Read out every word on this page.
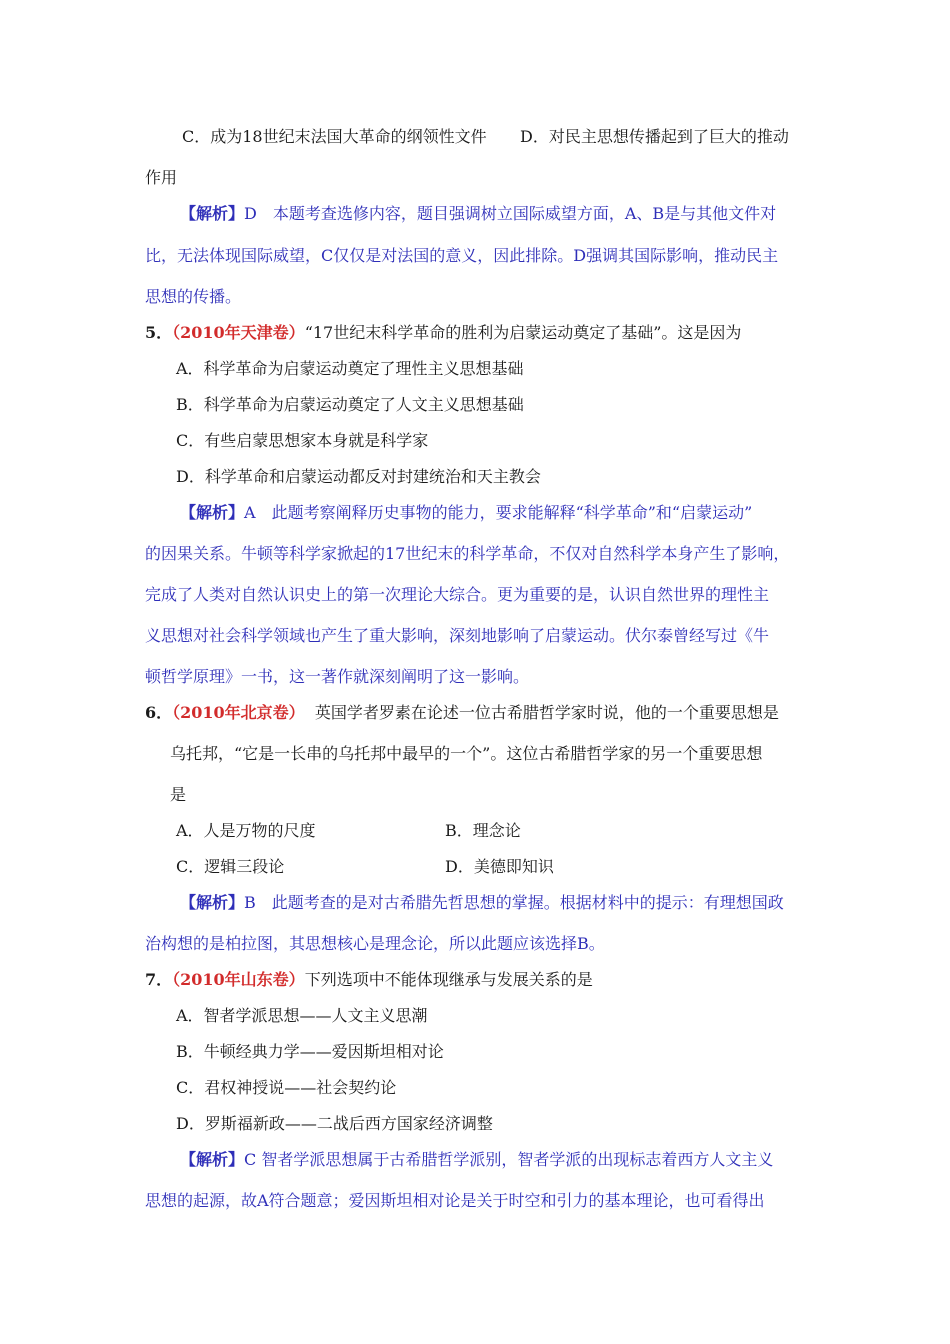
C．成为18世纪末法国大革命的纲领性文件 D．对民主思想传播起到了巨大的推动
作用
【解析】D　本题考查选修内容，题目强调树立国际威望方面，A、B是与其他文件对
比，无法体现国际威望，C仅仅是对法国的意义，因此排除。D强调其国际影响，推动民主
思想的传播。
5．（2010年天津卷）“17世纪末科学革命的胜利为启蒙运动奠定了基础”。这是因为
A．科学革命为启蒙运动奠定了理性主义思想基础
B．科学革命为启蒙运动奠定了人文主义思想基础
C．有些启蒙思想家本身就是科学家
D．科学革命和启蒙运动都反对封建统治和天主教会
【解析】A　此题考察阐释历史事物的能力，要求能解释“科学革命”和“启蒙运动”
的因果关系。牛顿等科学家掀起的17世纪末的科学革命，不仅对自然科学本身产生了影响，
完成了人类对自然认识史上的第一次理论大综合。更为重要的是，认识自然世界的理性主
义思想对社会科学领域也产生了重大影响，深刻地影响了启蒙运动。伏尔泰曾经写过《牛
顿哲学原理》一书，这一著作就深刻阐明了这一影响。
6．（2010年北京卷） 英国学者罗素在论述一位古希腊哲学家时说，他的一个重要思想是
乌托邦，“它是一长串的乌托邦中最早的一个”。这位古希腊哲学家的另一个重要思想
是
A．人是万物的尺度	B．理念论
C．逻辑三段论	D．美德即知识
【解析】B　此题考查的是对古希腊先哲思想的掌握。根据材料中的提示：有理想国政
治构想的是柏拉图，其思想核心是理念论，所以此题应该选择B。
7．（2010年山东卷）下列选项中不能体现继承与发展关系的是
A．智者学派思想——人文主义思潮
B．牛顿经典力学——爱因斯坦相对论
C．君权神授说——社会契约论
D．罗斯福新政——二战后西方国家经济调整
【解析】C 智者学派思想属于古希腊哲学派别，智者学派的出现标志着西方人文主义
思想的起源，故A符合题意；爱因斯坦相对论是关于时空和引力的基本理论，也可看得出
